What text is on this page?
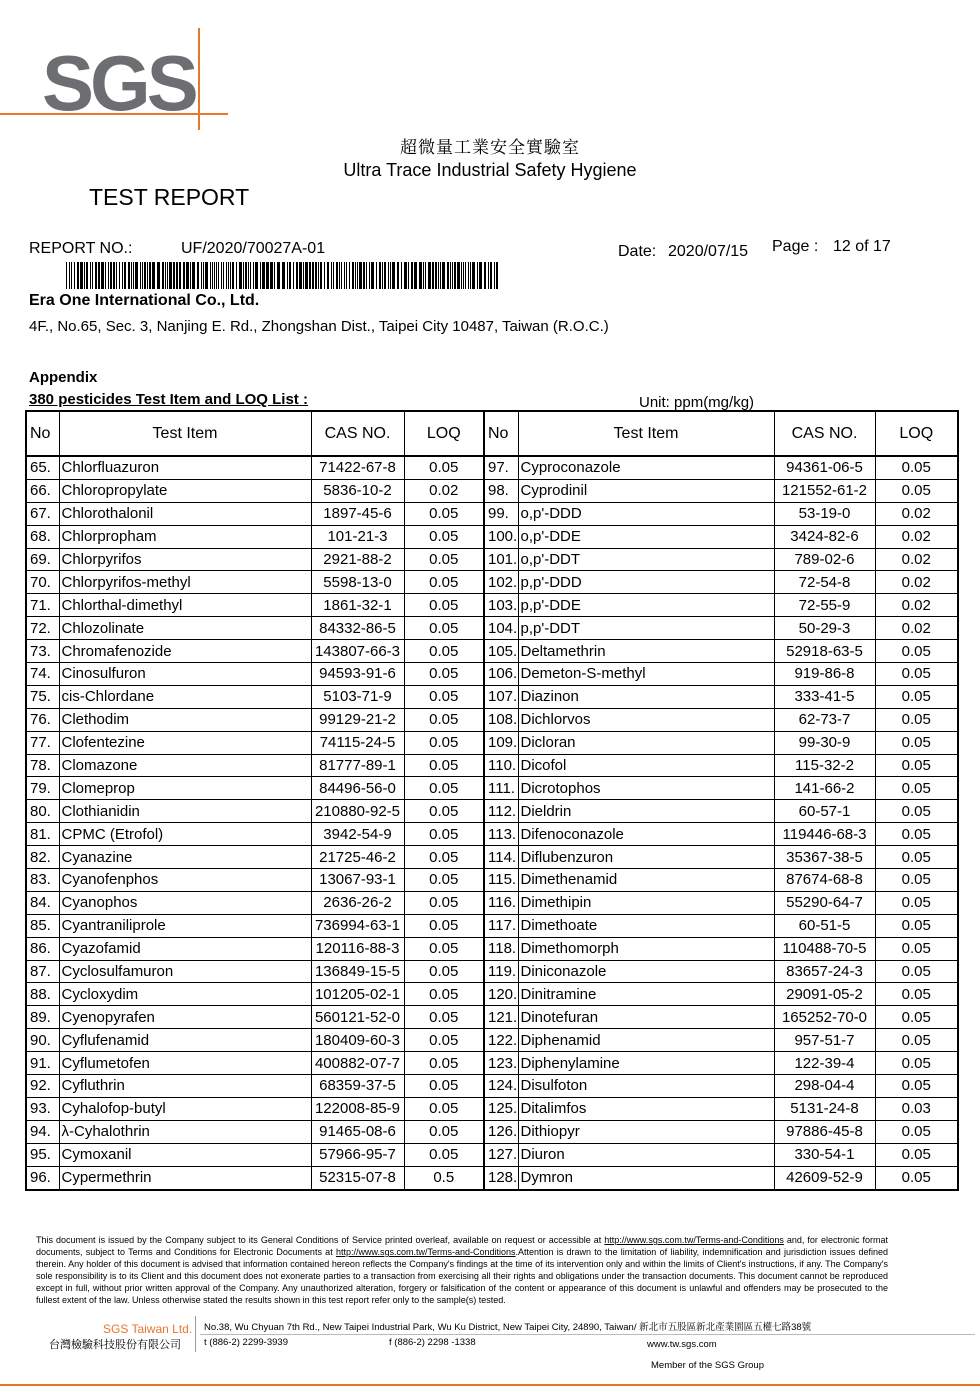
SGS
超微量工業安全實驗室
Ultra Trace Industrial Safety Hygiene
TEST REPORT
REPORT NO.:	UF/2020/70027A-01	Date: 2020/07/15 Page : 12 of 17
Era One International Co., Ltd.
4F., No.65, Sec. 3, Nanjing E. Rd., Zhongshan Dist., Taipei City 10487, Taiwan (R.O.C.)
Appendix
380 pesticides Test Item and LOQ List :	Unit: ppm(mg/kg)
No	Test Item	CAS NO.	LOQ	No	Test Item	CAS NO.	LOQ
65.	Chlorfluazuron	71422-67-8	0.05	97.	Cyproconazole	94361-06-5	0.05
66.	Chloropropylate	5836-10-2	0.02	98.	Cyprodinil	121552-61-2	0.05
67.	Chlorothalonil	1897-45-6	0.05	99.	o,p'-DDD	53-19-0	0.02
68.	Chlorpropham	101-21-3	0.05	100.	o,p'-DDE	3424-82-6	0.02
69.	Chlorpyrifos	2921-88-2	0.05	101.	o,p'-DDT	789-02-6	0.02
70.	Chlorpyrifos-methyl	5598-13-0	0.05	102.	p,p'-DDD	72-54-8	0.02
71.	Chlorthal-dimethyl	1861-32-1	0.05	103.	p,p'-DDE	72-55-9	0.02
72.	Chlozolinate	84332-86-5	0.05	104.	p,p'-DDT	50-29-3	0.02
73.	Chromafenozide	143807-66-3	0.05	105.	Deltamethrin	52918-63-5	0.05
74.	Cinosulfuron	94593-91-6	0.05	106.	Demeton-S-methyl	919-86-8	0.05
75.	cis-Chlordane	5103-71-9	0.05	107.	Diazinon	333-41-5	0.05
76.	Clethodim	99129-21-2	0.05	108.	Dichlorvos	62-73-7	0.05
77.	Clofentezine	74115-24-5	0.05	109.	Dicloran	99-30-9	0.05
78.	Clomazone	81777-89-1	0.05	110.	Dicofol	115-32-2	0.05
79.	Clomeprop	84496-56-0	0.05	111.	Dicrotophos	141-66-2	0.05
80.	Clothianidin	210880-92-5	0.05	112.	Dieldrin	60-57-1	0.05
81.	CPMC (Etrofol)	3942-54-9	0.05	113.	Difenoconazole	119446-68-3	0.05
82.	Cyanazine	21725-46-2	0.05	114.	Diflubenzuron	35367-38-5	0.05
83.	Cyanofenphos	13067-93-1	0.05	115.	Dimethenamid	87674-68-8	0.05
84.	Cyanophos	2636-26-2	0.05	116.	Dimethipin	55290-64-7	0.05
85.	Cyantraniliprole	736994-63-1	0.05	117.	Dimethoate	60-51-5	0.05
86.	Cyazofamid	120116-88-3	0.05	118.	Dimethomorph	110488-70-5	0.05
87.	Cyclosulfamuron	136849-15-5	0.05	119.	Diniconazole	83657-24-3	0.05
88.	Cycloxydim	101205-02-1	0.05	120.	Dinitramine	29091-05-2	0.05
89.	Cyenopyrafen	560121-52-0	0.05	121.	Dinotefuran	165252-70-0	0.05
90.	Cyflufenamid	180409-60-3	0.05	122.	Diphenamid	957-51-7	0.05
91.	Cyflumetofen	400882-07-7	0.05	123.	Diphenylamine	122-39-4	0.05
92.	Cyfluthrin	68359-37-5	0.05	124.	Disulfoton	298-04-4	0.05
93.	Cyhalofop-butyl	122008-85-9	0.05	125.	Ditalimfos	5131-24-8	0.03
94.	λ-Cyhalothrin	91465-08-6	0.05	126.	Dithiopyr	97886-45-8	0.05
95.	Cymoxanil	57966-95-7	0.05	127.	Diuron	330-54-1	0.05
96.	Cypermethrin	52315-07-8	0.5	128.	Dymron	42609-52-9	0.05
This document is issued by the Company subject to its General Conditions of Service printed overleaf, available on request or accessible at http://www.sgs.com.tw/Terms-and-Conditions and, for electronic format documents, subject to Terms and Conditions for Electronic Documents at http://www.sgs.com.tw/Terms-and-Conditions.Attention is drawn to the limitation of liability, indemnification and jurisdiction issues defined therein. Any holder of this document is advised that information contained hereon reflects the Company's findings at the time of its intervention only and within the limits of Client's instructions, if any. The Company's sole responsibility is to its Client and this document does not exonerate parties to a transaction from exercising all their rights and obligations under the transaction documents. This document cannot be reproduced except in full, without prior written approval of the Company. Any unauthorized alteration, forgery or falsification of the content or appearance of this document is unlawful and offenders may be prosecuted to the fullest extent of the law. Unless otherwise stated the results shown in this test report refer only to the sample(s) tested.
SGS Taiwan Ltd.
台灣檢驗科技股份有限公司
No.38, Wu Chyuan 7th Rd., New Taipei Industrial Park, Wu Ku District, New Taipei City, 24890, Taiwan/ 新北市五股區新北產業園區五權七路38號
t (886-2) 2299-3939	f (886-2) 2298 -1338	www.tw.sgs.com
Member of the SGS Group
